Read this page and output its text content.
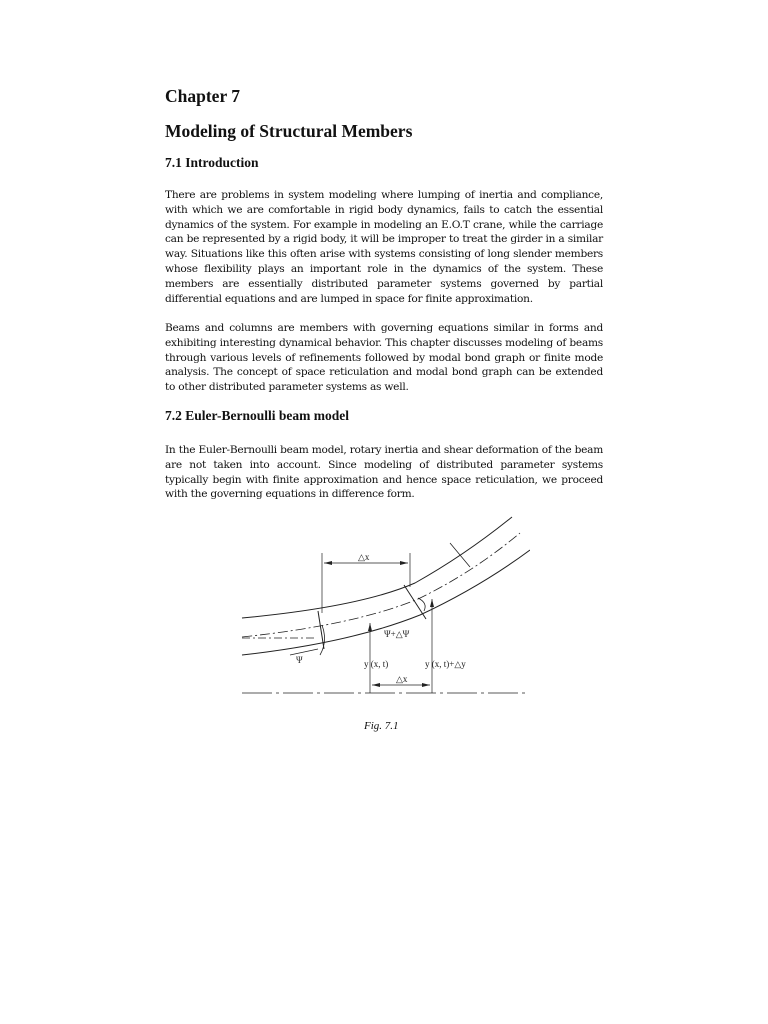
Chapter 7
Modeling of Structural Members
7.1 Introduction

There are problems in system modeling where lumping of inertia and compliance, with which we are comfortable in rigid body dynamics, fails to catch the essential dynamics of the system. For example in modeling an E.O.T crane, while the carriage can be represented by a rigid body, it will be improper to treat the girder in a similar way. Situations like this often arise with systems consisting of long slender members whose flexibility plays an important role in the dynamics of the system. These members are essentially distributed parameter systems governed by partial differential equations and are lumped in space for finite approximation.

Beams and columns are members with governing equations similar in forms and exhibiting interesting dynamical behavior. This chapter discusses modeling of beams through various levels of refinements followed by modal bond graph or finite mode analysis. The concept of space reticulation and modal bond graph can be extended to other distributed parameter systems as well.

7.2 Euler-Bernoulli beam model

In the Euler-Bernoulli beam model, rotary inertia and shear deformation of the beam are not taken into account. Since modeling of distributed parameter systems typically begin with finite approximation and hence space reticulation, we proceed with the governing equations in difference form.

△x
Ψ+△Ψ
Ψ	y (x, t)	y (x, t)+△y
△x

Fig. 7.1
